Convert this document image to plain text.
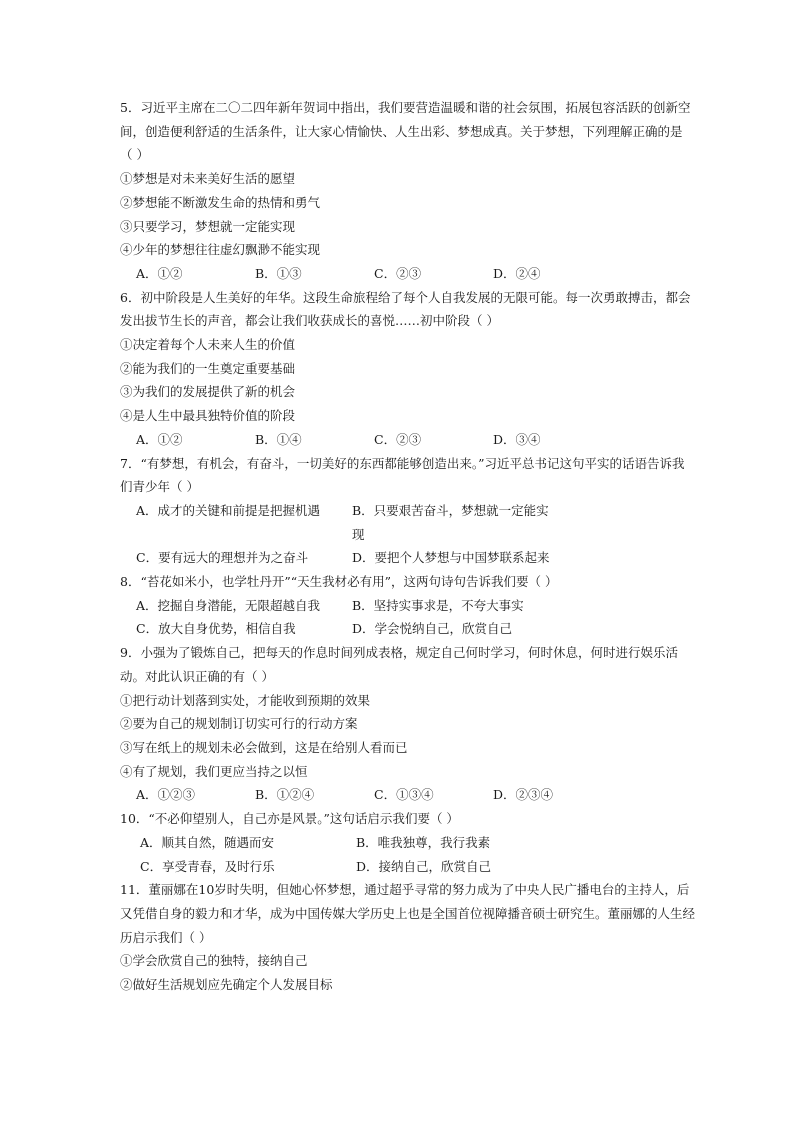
5．习近平主席在二〇二四年新年贺词中指出，我们要营造温暖和谐的社会氛围，拓展包容活跃的创新空
间，创造便利舒适的生活条件，让大家心情愉快、人生出彩、梦想成真。关于梦想，下列理解正确的是
（ ）
①梦想是对未来美好生活的愿望
②梦想能不断激发生命的热情和勇气
③只要学习，梦想就一定能实现
④少年的梦想往往虚幻飘渺不能实现
A．①②	B．①③	C．②③	D．②④
6．初中阶段是人生美好的年华。这段生命旅程给了每个人自我发展的无限可能。每一次勇敢搏击，都会
发出拔节生长的声音，都会让我们收获成长的喜悦……初中阶段（ ）
①决定着每个人未来人生的价值
②能为我们的一生奠定重要基础
③为我们的发展提供了新的机会
④是人生中最具独特价值的阶段
A．①②	B．①④	C．②③	D．③④
7．“有梦想，有机会，有奋斗，一切美好的东西都能够创造出来。”习近平总书记这句平实的话语告诉我
们青少年（ ）
A．成才的关键和前提是把握机遇	B．只要艰苦奋斗，梦想就一定能实现
C．要有远大的理想并为之奋斗	D．要把个人梦想与中国梦联系起来
8．“苔花如米小，也学牡丹开”“天生我材必有用”，这两句诗句告诉我们要（ ）
A．挖掘自身潜能，无限超越自我	B．坚持实事求是，不夸大事实
C．放大自身优势，相信自我	D．学会悦纳自己，欣赏自己
9．小强为了锻炼自己，把每天的作息时间列成表格，规定自己何时学习，何时休息，何时进行娱乐活
动。对此认识正确的有（ ）
①把行动计划落到实处，才能收到预期的效果
②要为自己的规划制订切实可行的行动方案
③写在纸上的规划未必会做到，这是在给别人看而已
④有了规划，我们更应当持之以恒
A．①②③	B．①②④	C．①③④	D．②③④
10．“不必仰望别人，自己亦是风景。”这句话启示我们要（ ）
A．顺其自然，随遇而安	B．唯我独尊，我行我素
C．享受青春，及时行乐	D．接纳自己，欣赏自己
11．董丽娜在10岁时失明，但她心怀梦想，通过超乎寻常的努力成为了中央人民广播电台的主持人，后
又凭借自身的毅力和才华，成为中国传媒大学历史上也是全国首位视障播音硕士研究生。董丽娜的人生经
历启示我们（ ）
①学会欣赏自己的独特，接纳自己
②做好生活规划应先确定个人发展目标
